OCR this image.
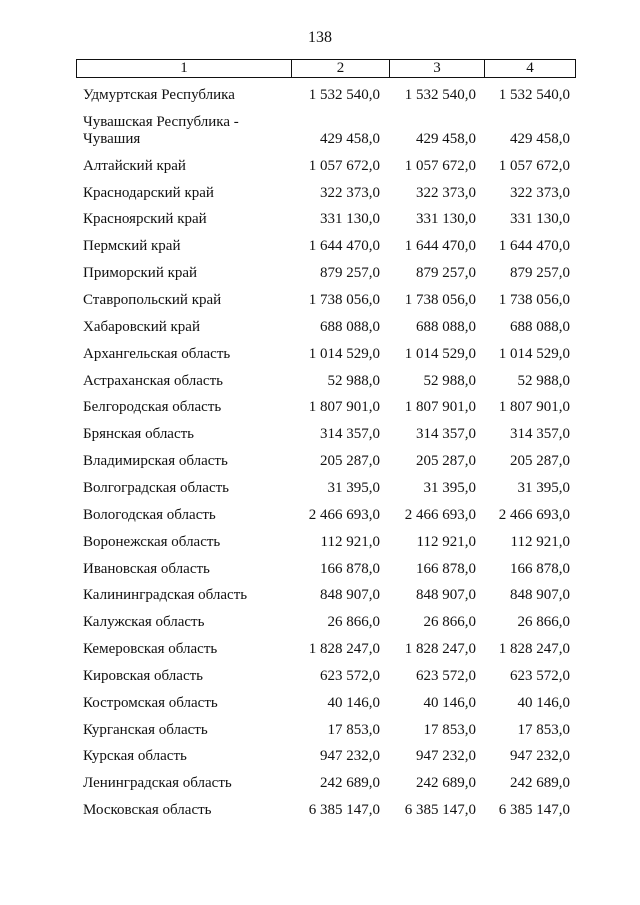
138
1	2	3	4
Удмуртская Республика	1 532 540,0	1 532 540,0	1 532 540,0
Чувашская Республика -
Чувашия	429 458,0	429 458,0	429 458,0
Алтайский край	1 057 672,0	1 057 672,0	1 057 672,0
Краснодарский край	322 373,0	322 373,0	322 373,0
Красноярский край	331 130,0	331 130,0	331 130,0
Пермский край	1 644 470,0	1 644 470,0	1 644 470,0
Приморский край	879 257,0	879 257,0	879 257,0
Ставропольский край	1 738 056,0	1 738 056,0	1 738 056,0
Хабаровский край	688 088,0	688 088,0	688 088,0
Архангельская область	1 014 529,0	1 014 529,0	1 014 529,0
Астраханская область	52 988,0	52 988,0	52 988,0
Белгородская область	1 807 901,0	1 807 901,0	1 807 901,0
Брянская область	314 357,0	314 357,0	314 357,0
Владимирская область	205 287,0	205 287,0	205 287,0
Волгоградская область	31 395,0	31 395,0	31 395,0
Вологодская область	2 466 693,0	2 466 693,0	2 466 693,0
Воронежская область	112 921,0	112 921,0	112 921,0
Ивановская область	166 878,0	166 878,0	166 878,0
Калининградская область	848 907,0	848 907,0	848 907,0
Калужская область	26 866,0	26 866,0	26 866,0
Кемеровская область	1 828 247,0	1 828 247,0	1 828 247,0
Кировская область	623 572,0	623 572,0	623 572,0
Костромская область	40 146,0	40 146,0	40 146,0
Курганская область	17 853,0	17 853,0	17 853,0
Курская область	947 232,0	947 232,0	947 232,0
Ленинградская область	242 689,0	242 689,0	242 689,0
Московская область	6 385 147,0	6 385 147,0	6 385 147,0
